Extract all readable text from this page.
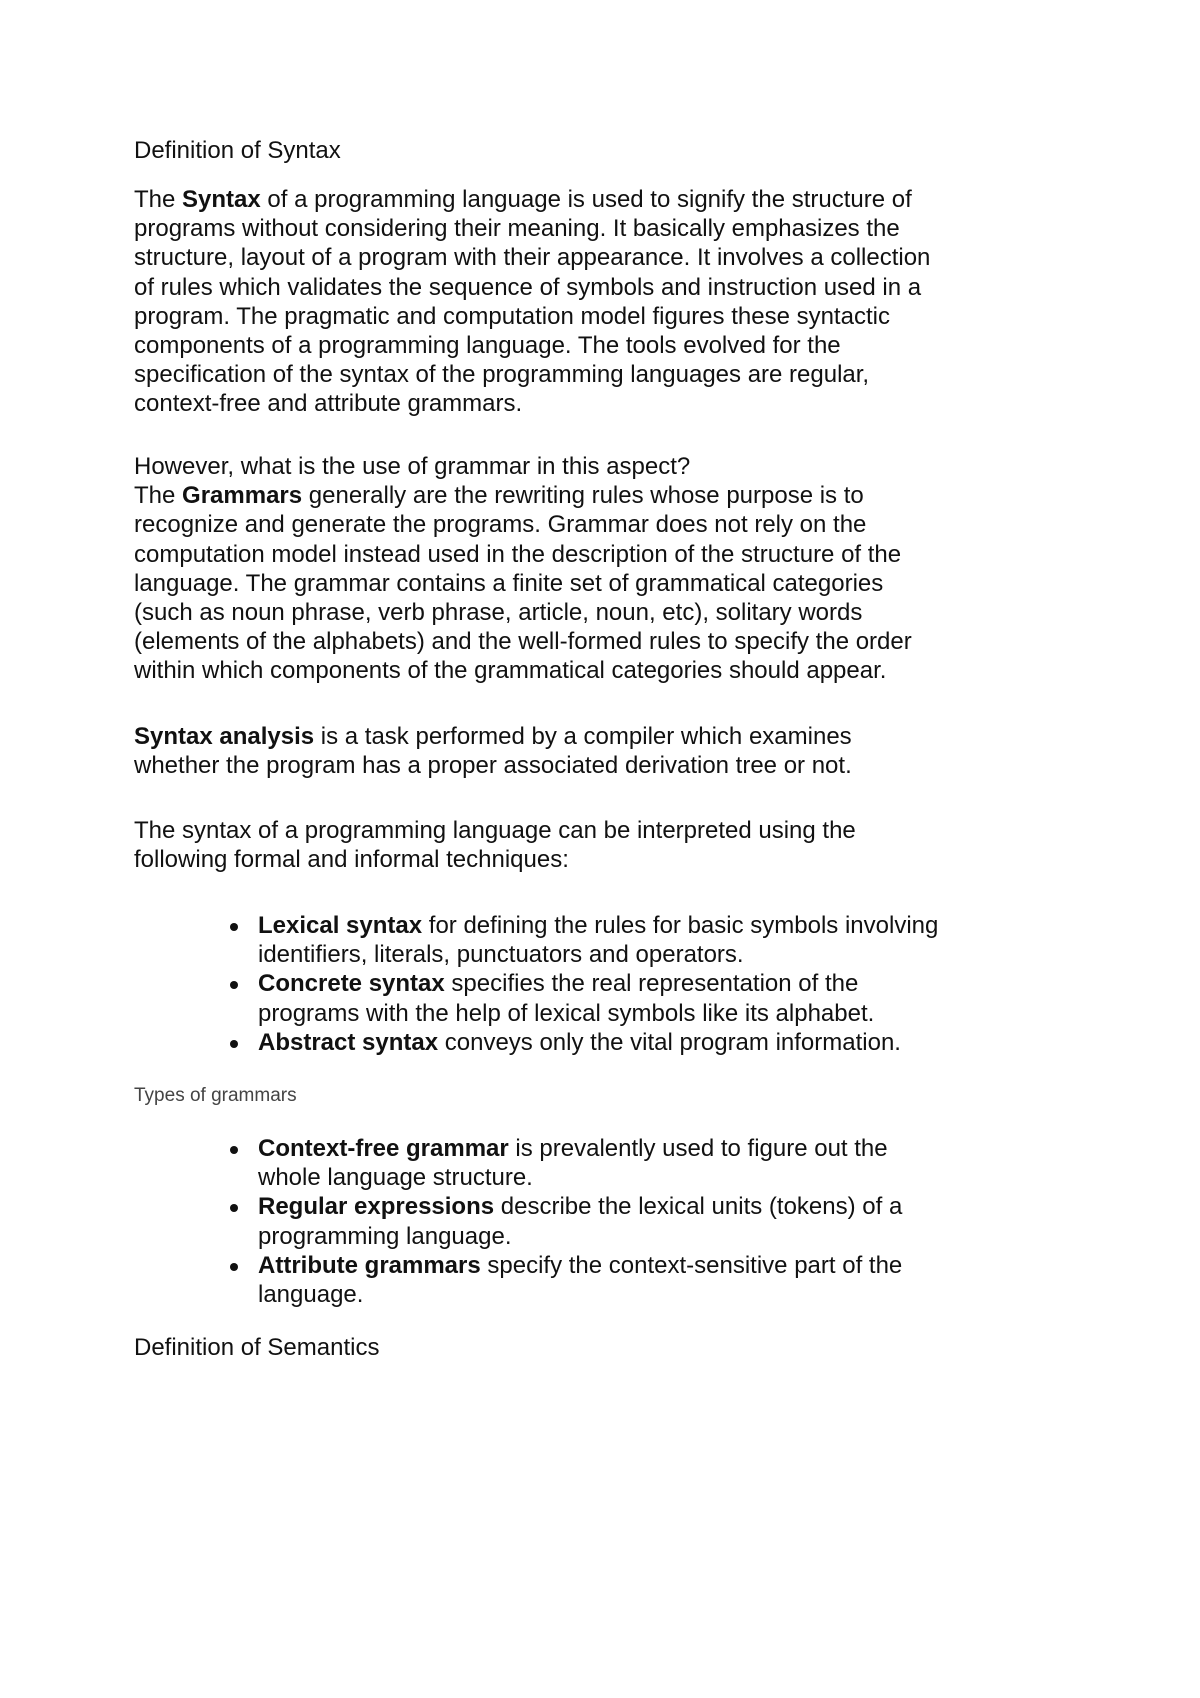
Definition of Syntax
The Syntax of a programming language is used to signify the structure of
programs without considering their meaning. It basically emphasizes the
structure, layout of a program with their appearance. It involves a collection
of rules which validates the sequence of symbols and instruction used in a
program. The pragmatic and computation model figures these syntactic
components of a programming language. The tools evolved for the
specification of the syntax of the programming languages are regular,
context-free and attribute grammars.
However, what is the use of grammar in this aspect?
The Grammars generally are the rewriting rules whose purpose is to
recognize and generate the programs. Grammar does not rely on the
computation model instead used in the description of the structure of the
language. The grammar contains a finite set of grammatical categories
(such as noun phrase, verb phrase, article, noun, etc), solitary words
(elements of the alphabets) and the well-formed rules to specify the order
within which components of the grammatical categories should appear.
Syntax analysis is a task performed by a compiler which examines
whether the program has a proper associated derivation tree or not.
The syntax of a programming language can be interpreted using the
following formal and informal techniques:
Lexical syntax for defining the rules for basic symbols involving
identifiers, literals, punctuators and operators.
Concrete syntax specifies the real representation of the
programs with the help of lexical symbols like its alphabet.
Abstract syntax conveys only the vital program information.
Types of grammars
Context-free grammar is prevalently used to figure out the
whole language structure.
Regular expressions describe the lexical units (tokens) of a
programming language.
Attribute grammars specify the context-sensitive part of the
language.
Definition of Semantics
